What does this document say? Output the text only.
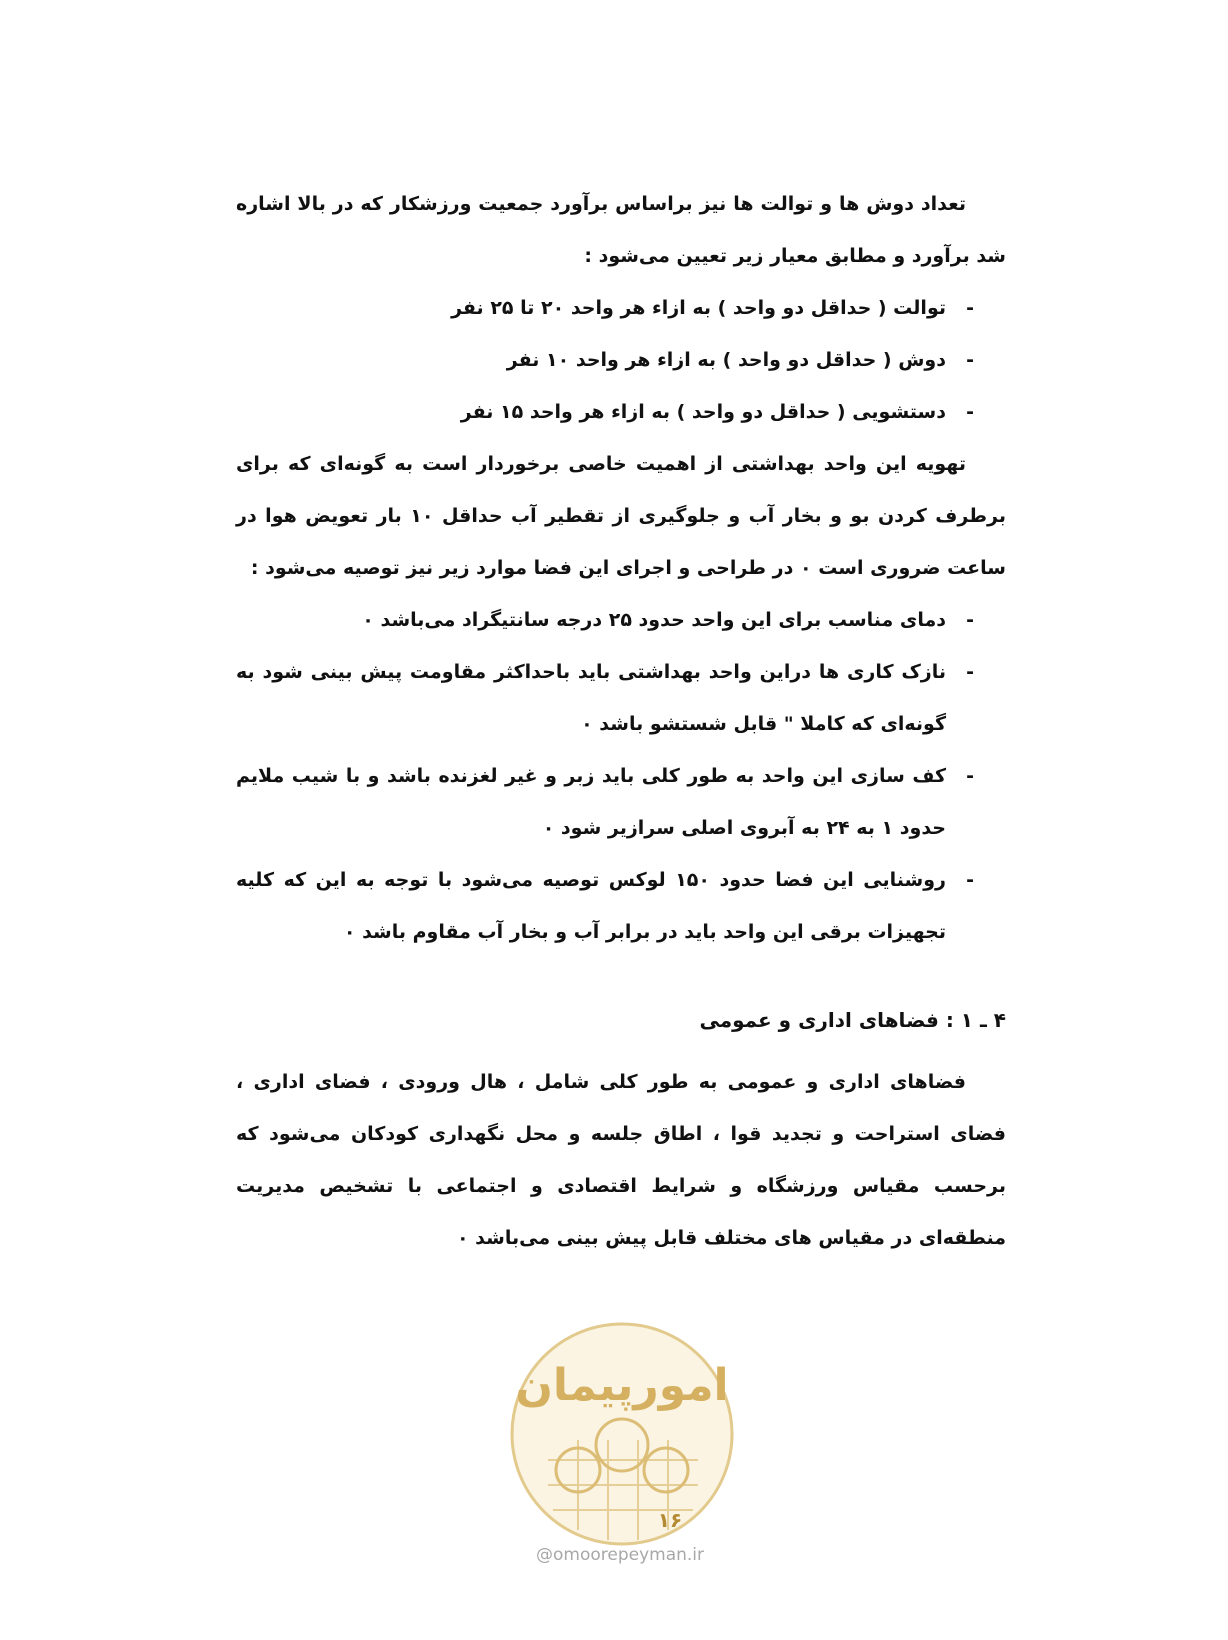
تعداد دوش ها و توالت ها نیز براساس برآورد جمعیت ورزشکار که در بالا اشاره شد برآورد و مطابق معیار زیر تعیین می‌شود :

- توالت ( حداقل دو واحد ) به ازاء هر واحد ۲۰ تا ۲۵ نفر
- دوش ( حداقل دو واحد ) به ازاء هر واحد ۱۰ نفر
- دستشویی ( حداقل دو واحد ) به ازاء هر واحد ۱۵ نفر

تهویه این واحد بهداشتی از اهمیت خاصی برخوردار است به گونه‌ای که برای برطرف کردن بو و بخار آب و جلوگیری از تقطیر آب حداقل ۱۰ بار تعویض هوا در ساعت ضروری است ۰ در طراحی و اجرای این فضا موارد زیر نیز توصیه می‌شود :

- دمای مناسب برای این واحد حدود ۲۵ درجه سانتیگراد می‌باشد ۰
- نازک کاری ها دراین واحد بهداشتی باید باحداکثر مقاومت پیش بینی شود به گونه‌ای که کاملا " قابل شستشو باشد ۰
- کف سازی این واحد به طور کلی باید زبر و غیر لغزنده باشد و با شیب ملایم حدود ۱ به ۲۴ به آبروی اصلی سرازیر شود ۰
- روشنایی این فضا حدود ۱۵۰ لوکس توصیه می‌شود با توجه به این که کلیه تجهیزات برقی این واحد باید در برابر آب و بخار آب مقاوم باشد ۰
۴ ـ ۱ : فضاهای اداری و عمومی

فضاهای اداری و عمومی به طور کلی شامل ، هال ورودی ، فضای اداری ، فضای استراحت و تجدید قوا ، اطاق جلسه و محل نگهداری کودکان می‌شود که برحسب مقیاس ورزشگاه و شرایط اقتصادی و اجتماعی با تشخیص مدیریت منطقه‌ای در مقیاس های مختلف قابل پیش بینی می‌باشد ۰

امورپیمان
۱۶
@omoorepeyman.ir
